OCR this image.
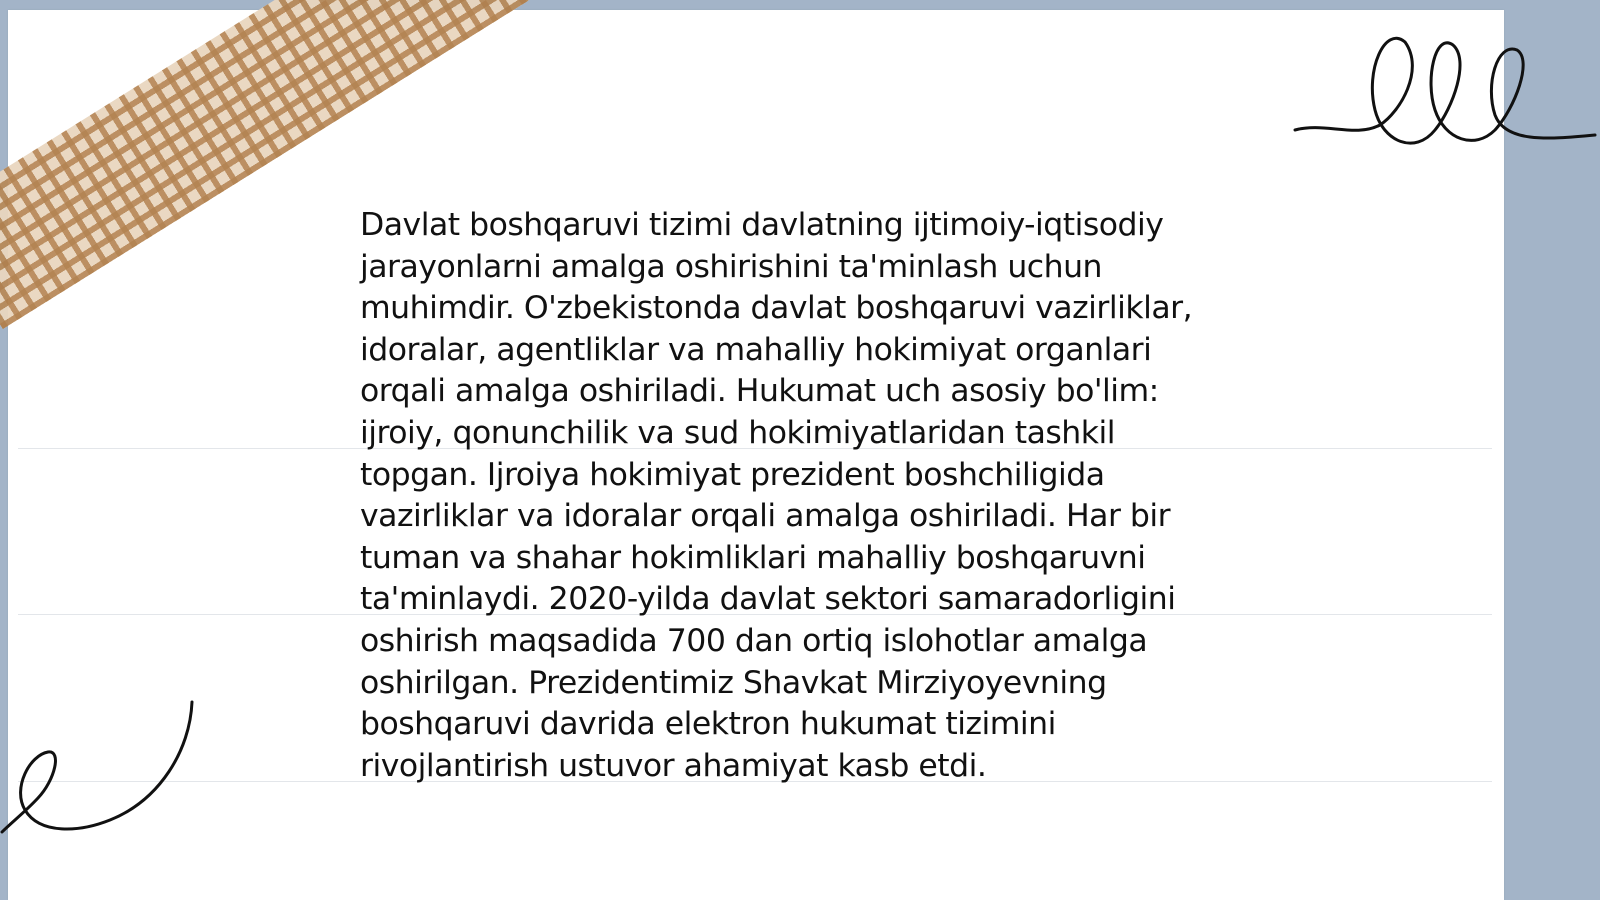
Davlat boshqaruvi tizimi davlatning ijtimoiy-iqtisodiy
jarayonlarni amalga oshirishini ta'minlash uchun
muhimdir. O'zbekistonda davlat boshqaruvi vazirliklar,
idoralar, agentliklar va mahalliy hokimiyat organlari
orqali amalga oshiriladi. Hukumat uch asosiy bo'lim:
ijroiy, qonunchilik va sud hokimiyatlaridan tashkil
topgan. Ijroiya hokimiyat prezident boshchiligida
vazirliklar va idoralar orqali amalga oshiriladi. Har bir
tuman va shahar hokimliklari mahalliy boshqaruvni
ta'minlaydi. 2020-yilda davlat sektori samaradorligini
oshirish maqsadida 700 dan ortiq islohotlar amalga
oshirilgan. Prezidentimiz Shavkat Mirziyoyevning
boshqaruvi davrida elektron hukumat tizimini
rivojlantirish ustuvor ahamiyat kasb etdi.
